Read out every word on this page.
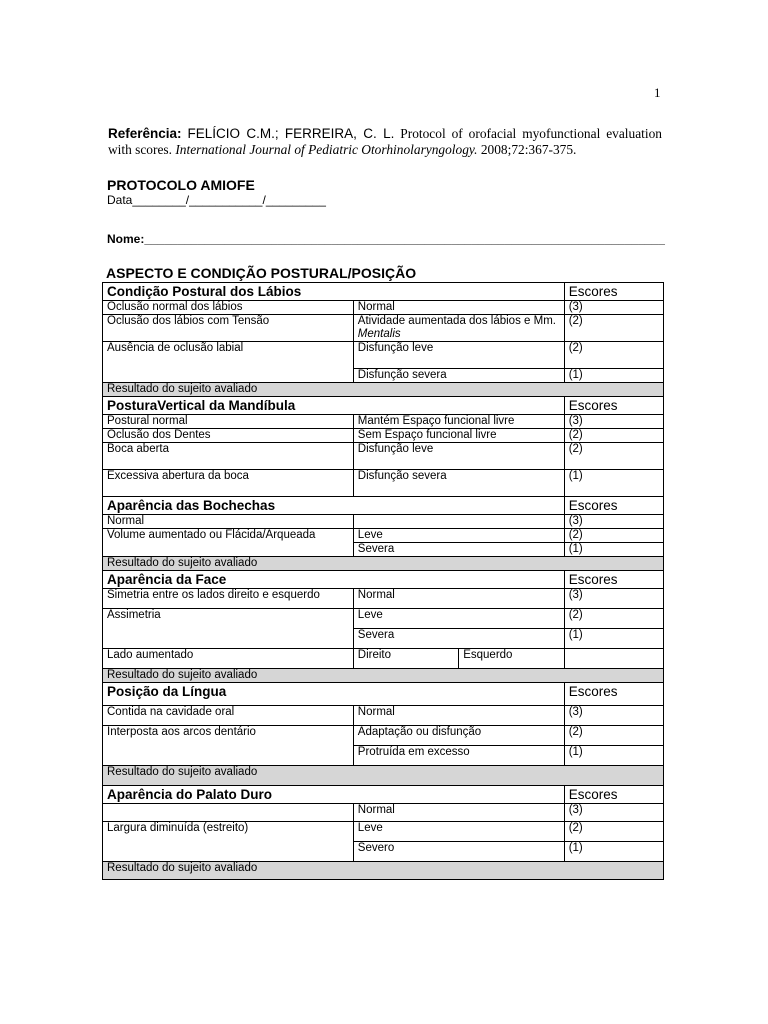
1
Referência: FELÍCIO C.M.; FERREIRA, C. L. Protocol of orofacial myofunctional evaluation with scores. International Journal of Pediatric Otorhinolaryngology. 2008;72:367-375.
PROTOCOLO AMIOFE
Data________/___________/_________
Nome:______________________________________________________________________________
ASPECTO E CONDIÇÃO POSTURAL/POSIÇÃO
Condição Postural dos Lábios			Escores
Oclusão normal dos lábios	Normal		(3)
Oclusão dos lábios com Tensão	Atividade aumentada dos lábios e Mm. Mentalis		(2)
Ausência de oclusão labial	Disfunção leve		(2)
	Disfunção severa		(1)
Resultado do sujeito avaliado			
PosturaVertical da Mandíbula			Escores
Postural normal	Mantém Espaço funcional livre		(3)
Oclusão dos Dentes	Sem Espaço funcional livre		(2)
Boca aberta	Disfunção leve		(2)
Excessiva abertura da boca	Disfunção severa		(1)
Aparência das Bochechas			Escores
Normal			(3)
Volume aumentado ou Flácida/Arqueada	Leve		(2)
	Severa		(1)
Resultado do sujeito avaliado			
Aparência da Face			Escores
Simetria entre os lados direito e esquerdo	Normal		(3)
Assimetria	Leve		(2)
	Severa		(1)
Lado aumentado	Direito	Esquerdo	
Resultado do sujeito avaliado			
Posição da Língua			Escores
Contida na cavidade oral	Normal		(3)
Interposta aos arcos dentário	Adaptação ou disfunção		(2)
	Protruída em excesso		(1)
Resultado do sujeito avaliado			
Aparência do Palato Duro			Escores
	Normal		(3)
Largura diminuída (estreito)	Leve		(2)
	Severo		(1)
Resultado do sujeito avaliado			
